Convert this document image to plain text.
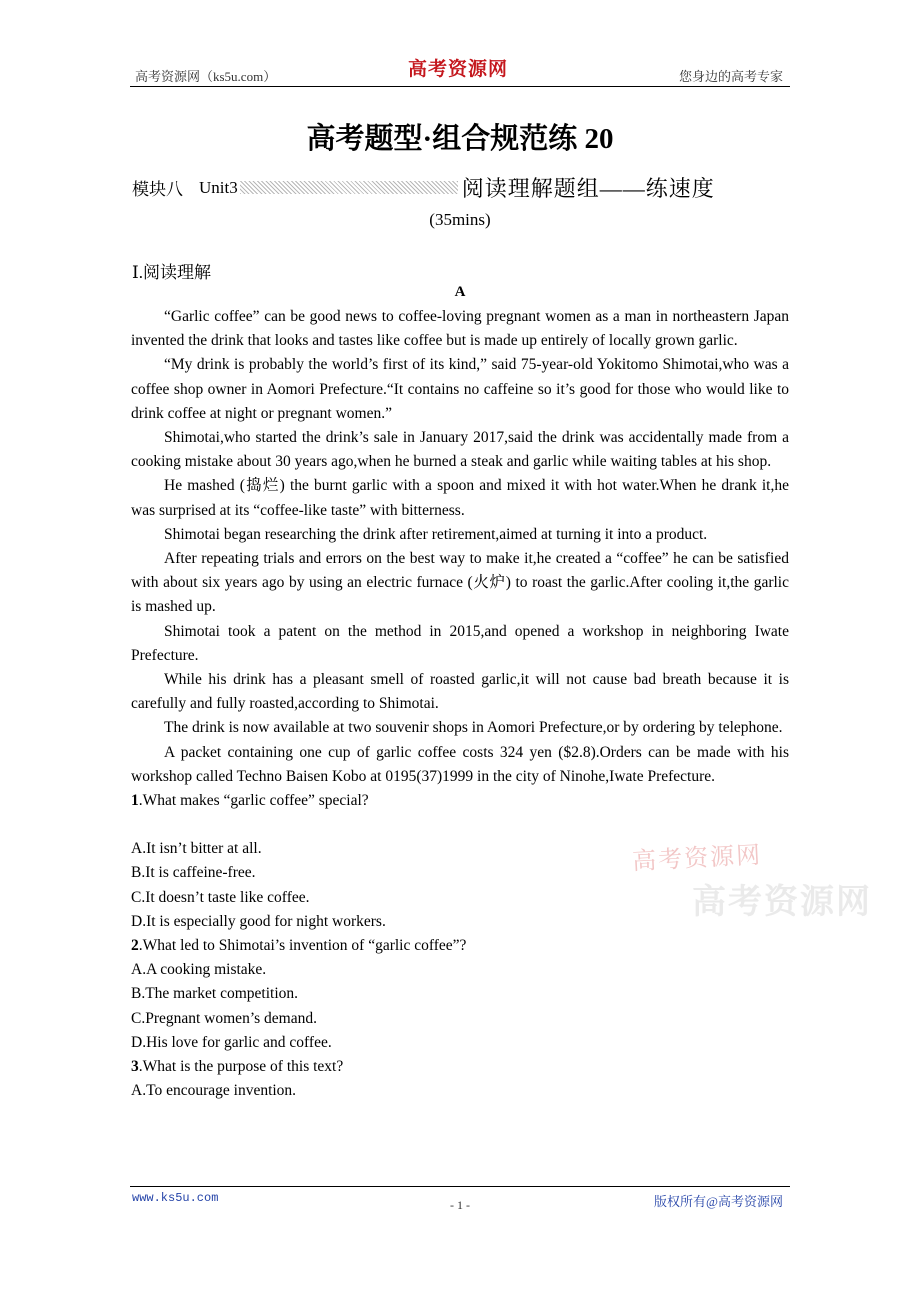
高考资源网（ks5u.com）	高考资源网	您身边的高考专家
高考题型·组合规范练 20
模块八 Unit3	阅读理解题组——练速度
(35mins)
Ⅰ.阅读理解
A

“Garlic coffee” can be good news to coffee-loving pregnant women as a man in northeastern Japan invented the drink that looks and tastes like coffee but is made up entirely of locally grown garlic.

“My drink is probably the world’s first of its kind,” said 75-year-old Yokitomo Shimotai,who was a coffee shop owner in Aomori Prefecture.“It contains no caffeine so it’s good for those who would like to drink coffee at night or pregnant women.”

Shimotai,who started the drink’s sale in January 2017,said the drink was accidentally made from a cooking mistake about 30 years ago,when he burned a steak and garlic while waiting tables at his shop.

He mashed (捣烂) the burnt garlic with a spoon and mixed it with hot water.When he drank it,he was surprised at its “coffee-like taste” with bitterness.

Shimotai began researching the drink after retirement,aimed at turning it into a product.

After repeating trials and errors on the best way to make it,he created a “coffee” he can be satisfied with about six years ago by using an electric furnace (火炉) to roast the garlic.After cooling it,the garlic is mashed up.

Shimotai took a patent on the method in 2015,and opened a workshop in neighboring Iwate Prefecture.

While his drink has a pleasant smell of roasted garlic,it will not cause bad breath because it is carefully and fully roasted,according to Shimotai.

The drink is now available at two souvenir shops in Aomori Prefecture,or by ordering by telephone.

A packet containing one cup of garlic coffee costs 324 yen ($2.8).Orders can be made with his workshop called Techno Baisen Kobo at 0195(37)1999 in the city of Ninohe,Iwate Prefecture.

1.What makes “garlic coffee” special?
A.It isn’t bitter at all.
B.It is caffeine-free.
C.It doesn’t taste like coffee.
D.It is especially good for night workers.
2.What led to Shimotai’s invention of “garlic coffee”?
A.A cooking mistake.
B.The market competition.
C.Pregnant women’s demand.
D.His love for garlic and coffee.
3.What is the purpose of this text?
A.To encourage invention.
高考资源网
高考资源网
www.ks5u.com	- 1 -	版权所有@高考资源网
